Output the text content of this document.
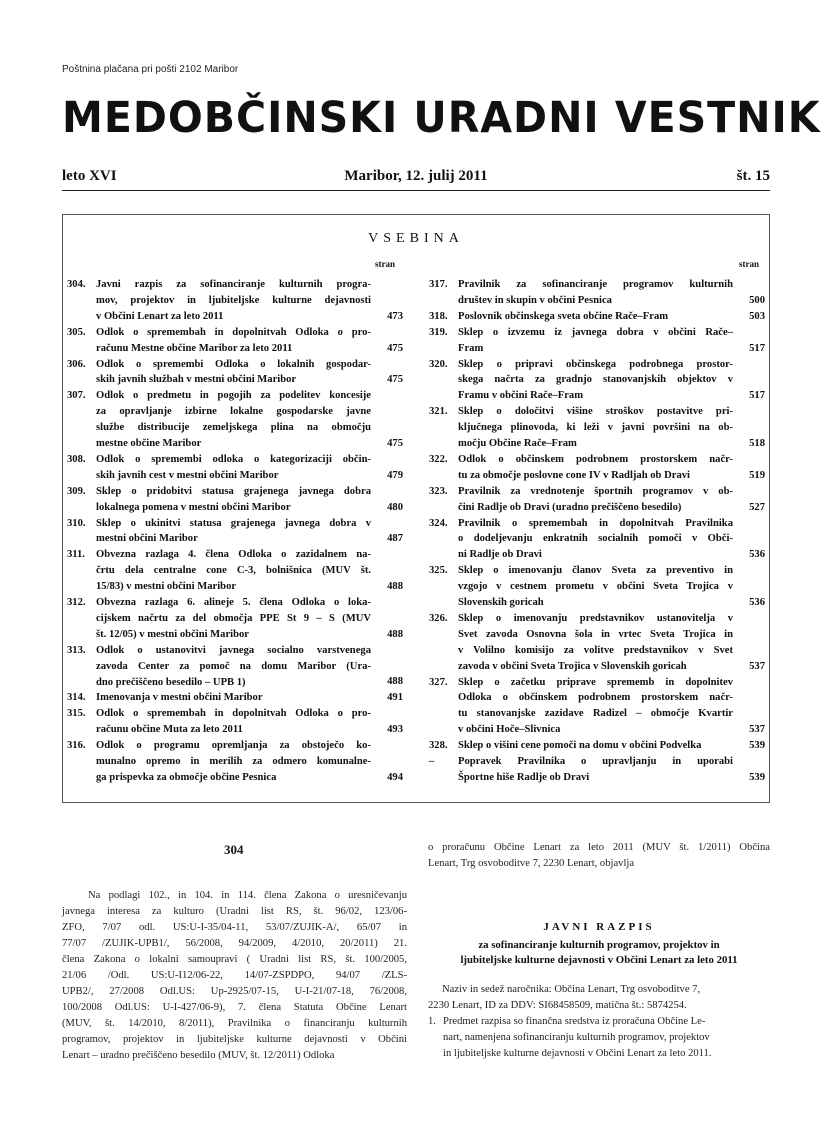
Poštnina plačana pri pošti 2102 Maribor
MEDOBČINSKI URADNI VESTNIK
leto XVI	Maribor, 12. julij 2011	št. 15
VSEBINA
stran	stran
304. Javni razpis za sofinanciranje kulturnih progra-
mov, projektov in ljubiteljske kulturne dejavnosti
v Občini Lenart za leto 2011	473
305. Odlok o spremembah in dopolnitvah Odloka o pro-
računu Mestne občine Maribor za leto 2011	475
306. Odlok o spremembi Odloka o lokalnih gospodar-
skih javnih službah v mestni občini Maribor	475
307. Odlok o predmetu in pogojih za podelitev koncesije
za opravljanje izbirne lokalne gospodarske javne
službe distribucije zemeljskega plina na območju
mestne občine Maribor	475
308. Odlok o spremembi odloka o kategorizaciji občin-
skih javnih cest v mestni občini Maribor	479
309. Sklep o pridobitvi statusa grajenega javnega dobra
lokalnega pomena v mestni občini Maribor	480
310. Sklep o ukinitvi statusa grajenega javnega dobra v
mestni občini Maribor	487
311. Obvezna razlaga 4. člena Odloka o zazidalnem na-
črtu dela centralne cone C-3, bolnišnica (MUV št.
15/83) v mestni občini Maribor	488
312. Obvezna razlaga 6. alineje 5. člena Odloka o loka-
cijskem načrtu za del območja PPE St 9 – S (MUV
št. 12/05) v mestni občini Maribor	488
313. Odlok o ustanovitvi javnega socialno varstvenega
zavoda Center za pomoč na domu Maribor (Ura-
dno prečiščeno besedilo – UPB 1)	488
314. Imenovanja v mestni občini Maribor	491
315. Odlok o spremembah in dopolnitvah Odloka o pro-
računu občine Muta za leto 2011	493
316. Odlok o programu opremljanja za obstoječo ko-
munalno opremo in merilih za odmero komunalne-
ga prispevka za območje občine Pesnica	494
317. Pravilnik za sofinanciranje programov kulturnih
društev in skupin v občini Pesnica	500
318. Poslovnik občinskega sveta občine Rače–Fram	503
319. Sklep o izvzemu iz javnega dobra v občini Rače–
Fram	517
320. Sklep o pripravi občinskega podrobnega prostor-
skega načrta za gradnjo stanovanjskih objektov v
Framu v občini Rače–Fram	517
321. Sklep o določitvi višine stroškov postavitve pri-
ključnega plinovoda, ki leži v javni površini na ob-
močju Občine Rače–Fram	518
322. Odlok o občinskem podrobnem prostorskem načr-
tu za območje poslovne cone IV v Radljah ob Dravi	519
323. Pravilnik za vrednotenje športnih programov v ob-
čini Radlje ob Dravi (uradno prečiščeno besedilo)	527
324. Pravilnik o spremembah in dopolnitvah Pravilnika
o dodeljevanju enkratnih socialnih pomoči v Obči-
ni Radlje ob Dravi	536
325. Sklep o imenovanju članov Sveta za preventivo in
vzgojo v cestnem prometu v občini Sveta Trojica v
Slovenskih goricah	536
326. Sklep o imenovanju predstavnikov ustanovitelja v
Svet zavoda Osnovna šola in vrtec Sveta Trojica in
v Volilno komisijo za volitve predstavnikov v Svet
zavoda v občini Sveta Trojica v Slovenskih goricah	537
327. Sklep o začetku priprave sprememb in dopolnitev
Odloka o občinskem podrobnem prostorskem načr-
tu stanovanjske zazidave Radizel – območje Kvartir
v občini Hoče–Slivnica	537
328. Sklep o višini cene pomoči na domu v občini Podvelka	539
– Popravek Pravilnika o upravljanju in uporabi
Športne hiše Radlje ob Dravi	539
304
Na podlagi 102., in 104. in 114. člena Zakona o uresničevanju
javnega interesa za kulturo (Uradni list RS, št. 96/02, 123/06-
ZFO, 7/07 odl. US:U-I-35/04-11, 53/07/ZUJIK-A/, 65/07 in
77/07 /ZUJIK-UPB1/, 56/2008, 94/2009, 4/2010, 20/2011) 21.
člena Zakona o lokalni samoupravi ( Uradni list RS, št. 100/2005,
21/06 /Odl. US:U-I12/06-22, 14/07-ZSPDPO, 94/07 /ZLS-
UPB2/, 27/2008 Odl.US: Up-2925/07-15, U-I-21/07-18, 76/2008,
100/2008 Odl.US: U-I-427/06-9), 7. člena Statuta Občine Lenart
(MUV, št. 14/2010, 8/2011), Pravilnika o financiranju kulturnih
programov, projektov in ljubiteljske kulturne dejavnosti v Občini
Lenart – uradno prečiščeno besedilo (MUV, št. 12/2011) Odloka
o proračunu Občine Lenart za leto 2011 (MUV št. 1/2011) Občina
Lenart, Trg osvoboditve 7, 2230 Lenart, objavlja
JAVNI RAZPIS
za sofinanciranje kulturnih programov, projektov in
ljubiteljske kulturne dejavnosti v Občini Lenart za leto 2011
Naziv in sedež naročnika: Občina Lenart, Trg osvoboditve 7,
2230 Lenart, ID za DDV: SI68458509, matična št.: 5874254.
1. Predmet razpisa so finančna sredstva iz proračuna Občine Le-
nart, namenjena sofinanciranju kulturnih programov, projektov
in ljubiteljske kulturne dejavnosti v Občini Lenart za leto 2011.
